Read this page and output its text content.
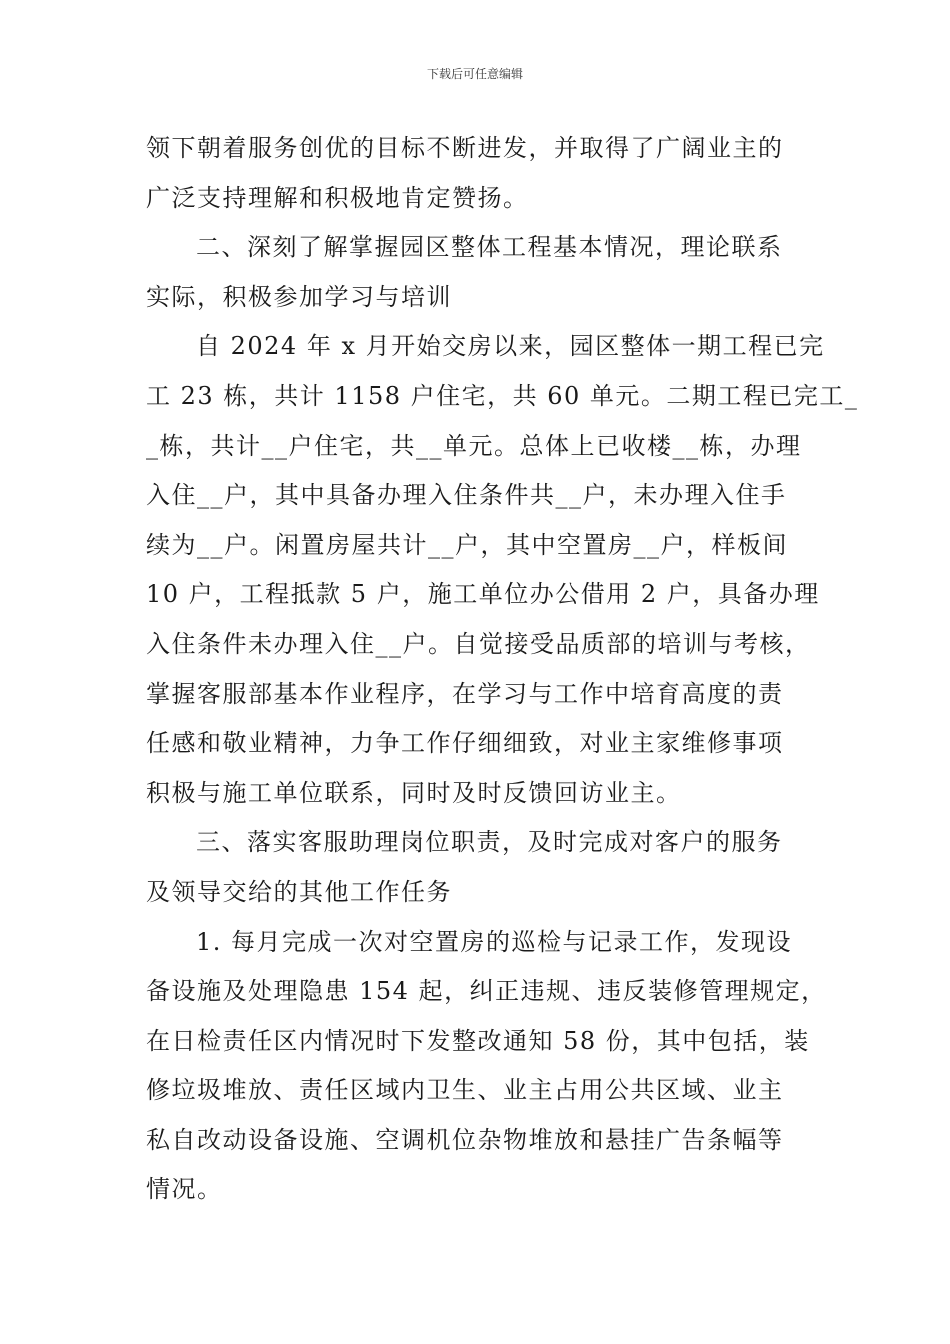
下载后可任意编辑
领下朝着服务创优的目标不断进发，并取得了广阔业主的
广泛支持理解和积极地肯定赞扬。
二、深刻了解掌握园区整体工程基本情况，理论联系
实际，积极参加学习与培训
自 2024 年 x 月开始交房以来，园区整体一期工程已完
工 23 栋，共计 1158 户住宅，共 60 单元。二期工程已完工_
_栋，共计__户住宅，共__单元。总体上已收楼__栋，办理
入住__户，其中具备办理入住条件共__户，未办理入住手
续为__户。闲置房屋共计__户，其中空置房__户，样板间
10 户，工程抵款 5 户，施工单位办公借用 2 户，具备办理
入住条件未办理入住__户。自觉接受品质部的培训与考核，
掌握客服部基本作业程序，在学习与工作中培育高度的责
任感和敬业精神，力争工作仔细细致，对业主家维修事项
积极与施工单位联系，同时及时反馈回访业主。
三、落实客服助理岗位职责，及时完成对客户的服务
及领导交给的其他工作任务
1. 每月完成一次对空置房的巡检与记录工作，发现设
备设施及处理隐患 154 起，纠正违规、违反装修管理规定，
在日检责任区内情况时下发整改通知 58 份，其中包括，装
修垃圾堆放、责任区域内卫生、业主占用公共区域、业主
私自改动设备设施、空调机位杂物堆放和悬挂广告条幅等
情况。
